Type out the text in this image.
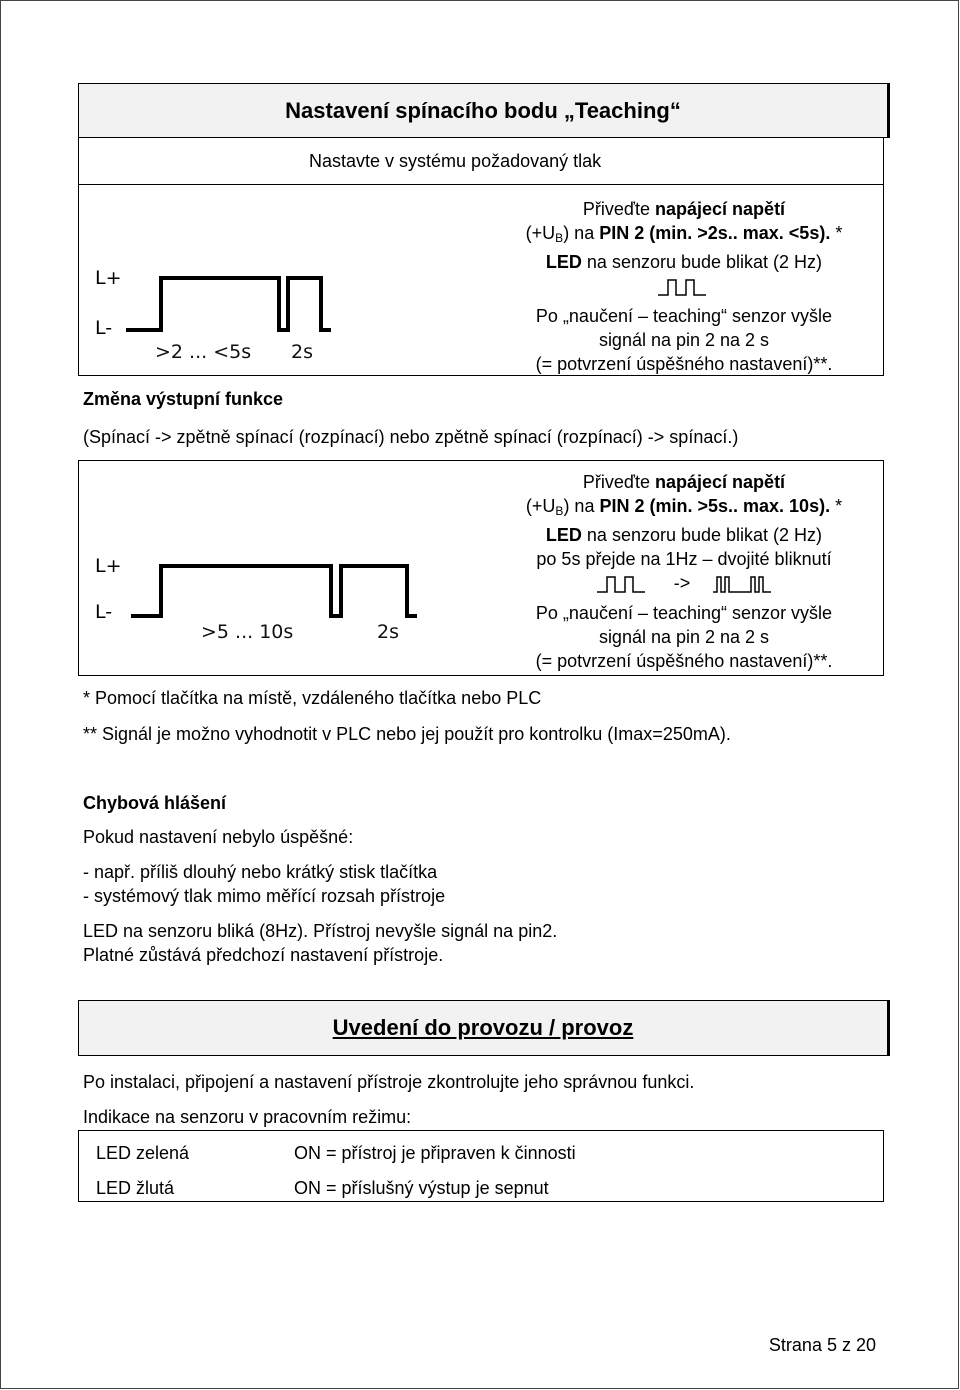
Nastavení spínacího bodu „Teaching“
Nastavte v systému požadovaný tlak
L+
L-
>2 ... <5s 2s
Přiveďte napájecí napětí
$(+U_B)$ na PIN 2 (min. >2s.. max. <5s). *
LED na senzoru bude blikat (2 Hz)
Po „naučení – teaching“ senzor vyšle
signál na pin 2 na 2 s
(= potvrzení úspěšného nastavení)**.
Změna výstupní funkce
(Spínací -> zpětně spínací (rozpínací) nebo zpětně spínací (rozpínací) -> spínací.)
L+
L-
>5 ... 10s	2s
Přiveďte napájecí napětí
$(+U_B)$ na PIN 2 (min. >5s.. max. 10s). *
LED na senzoru bude blikat (2 Hz)
po 5s přejde na 1Hz – dvojité bliknutí
->
Po „naučení – teaching“ senzor vyšle
signál na pin 2 na 2 s
(= potvrzení úspěšného nastavení)**.
* Pomocí tlačítka na místě, vzdáleného tlačítka nebo PLC
** Signál je možno vyhodnotit v PLC nebo jej použít pro kontrolku (Imax=250mA).
Chybová hlášení
Pokud nastavení nebylo úspěšné:
- např. příliš dlouhý nebo krátký stisk tlačítka
- systémový tlak mimo měřící rozsah přístroje
LED na senzoru bliká (8Hz). Přístroj nevyšle signál na pin2.
Platné zůstává předchozí nastavení přístroje.
Uvedení do provozu / provoz
Po instalaci, připojení a nastavení přístroje zkontrolujte jeho správnou funkci.
Indikace na senzoru v pracovním režimu:
LED zelená	ON = přístroj je připraven k činnosti
LED žlutá	ON = příslušný výstup je sepnut
Strana 5 z 20
